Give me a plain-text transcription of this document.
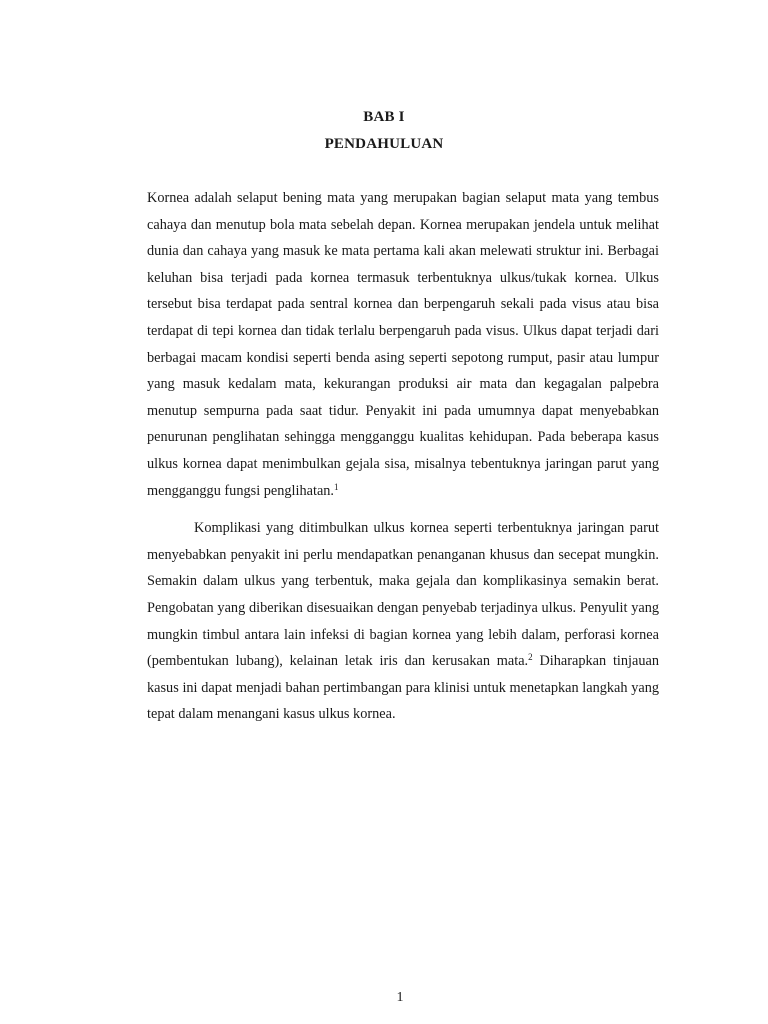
BAB I
PENDAHULUAN

Kornea adalah selaput bening mata yang merupakan bagian selaput mata yang tembus cahaya dan menutup bola mata sebelah depan. Kornea merupakan jendela untuk melihat dunia dan cahaya yang masuk ke mata pertama kali akan melewati struktur ini. Berbagai keluhan bisa terjadi pada kornea termasuk terbentuknya ulkus/tukak kornea. Ulkus tersebut bisa terdapat pada sentral kornea dan berpengaruh sekali pada visus atau bisa terdapat di tepi kornea dan tidak terlalu berpengaruh pada visus. Ulkus dapat terjadi dari berbagai macam kondisi seperti benda asing seperti sepotong rumput, pasir atau lumpur yang masuk kedalam mata, kekurangan produksi air mata dan kegagalan palpebra menutup sempurna pada saat tidur. Penyakit ini pada umumnya dapat menyebabkan penurunan penglihatan sehingga mengganggu kualitas kehidupan. Pada beberapa kasus ulkus kornea dapat menimbulkan gejala sisa, misalnya tebentuknya jaringan parut yang mengganggu fungsi penglihatan.$^1$

Komplikasi yang ditimbulkan ulkus kornea seperti terbentuknya jaringan parut menyebabkan penyakit ini perlu mendapatkan penanganan khusus dan secepat mungkin. Semakin dalam ulkus yang terbentuk, maka gejala dan komplikasinya semakin berat. Pengobatan yang diberikan disesuaikan dengan penyebab terjadinya ulkus. Penyulit yang mungkin timbul antara lain infeksi di bagian kornea yang lebih dalam, perforasi kornea (pembentukan lubang), kelainan letak iris dan kerusakan mata.$^2$ Diharapkan tinjauan kasus ini dapat menjadi bahan pertimbangan para klinisi untuk menetapkan langkah yang tepat dalam menangani kasus ulkus kornea.

1
